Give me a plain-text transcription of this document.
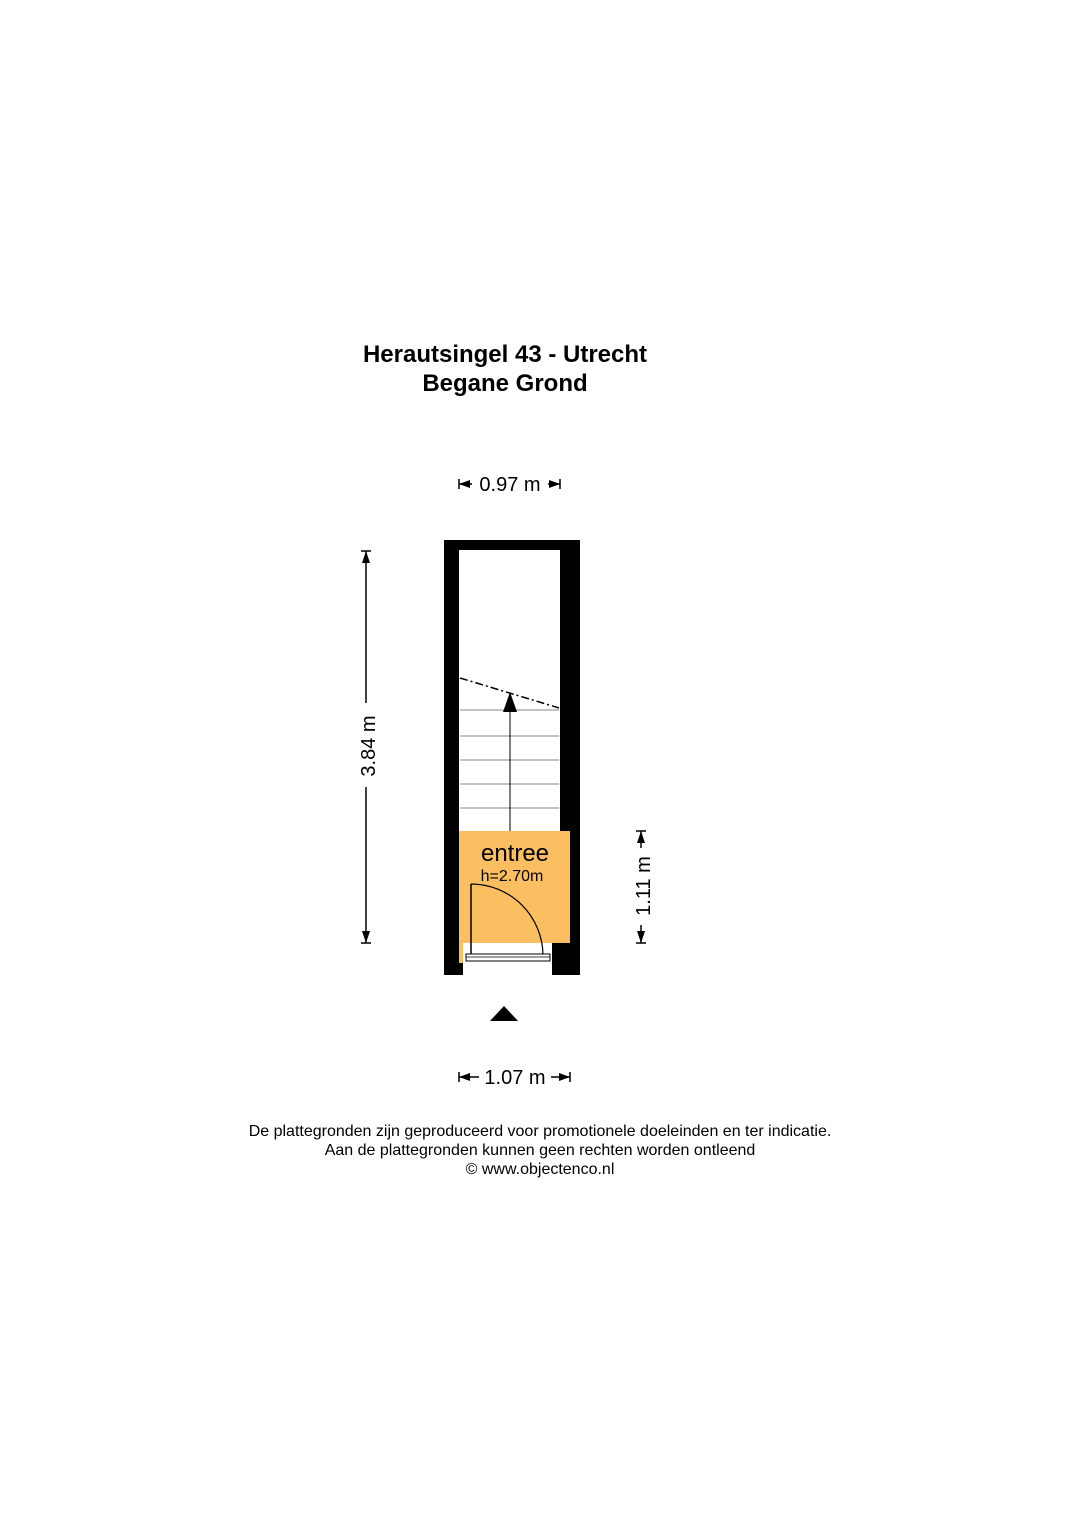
Herautsingel 43 - Utrecht
Begane Grond
0.97 m
3.84 m
1.11 m
entree
h=2.70m
1.07 m
De plattegronden zijn geproduceerd voor promotionele doeleinden en ter indicatie.
Aan de plattegronden kunnen geen rechten worden ontleend
© www.objectenco.nl
